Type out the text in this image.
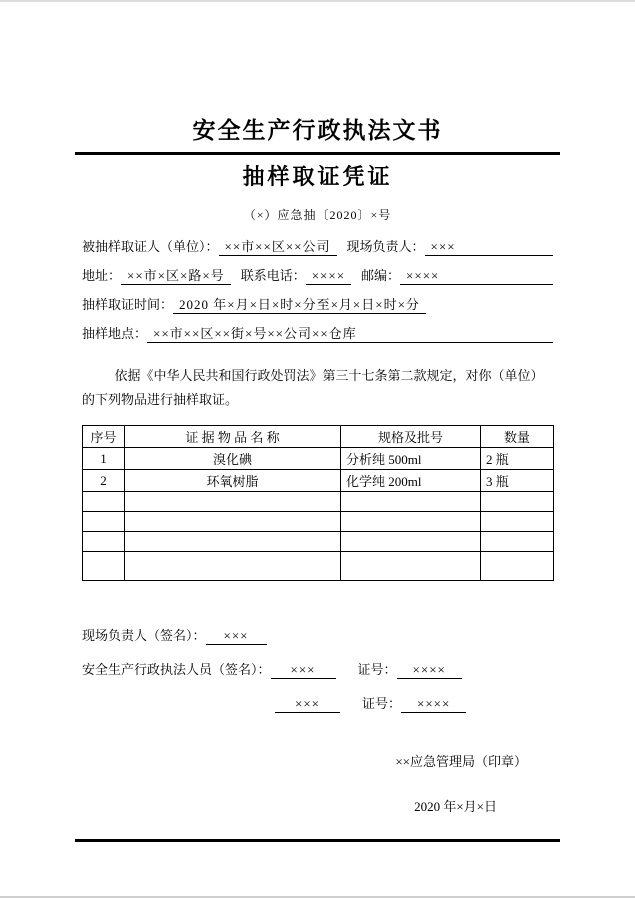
安全生产行政执法文书
抽样取证凭证
（×）应急抽〔2020〕×号
被抽样取证人（单位）： ××市××区××公司	现场负责人： ×××
地址： ××市×区×路×号	联系电话： ××××	邮编： ××××
抽样取证时间： 2020 年×月×日×时×分至×月×日×时×分
抽样地点： ××市××区××街×号××公司××仓库

依据《中华人民共和国行政处罚法》第三十七条第二款规定，对你（单位）的下列物品进行抽样取证。

序号	证 据 物 品 名 称	规格及批号	数量
1	溴化碘	分析纯 500ml	2 瓶
2	环氧树脂	化学纯 200ml	3 瓶

现场负责人（签名）：	×××
安全生产行政执法人员（签名）：	×××	证号：	××××
×××	证号：	××××
××应急管理局（印章）
2020 年×月×日
